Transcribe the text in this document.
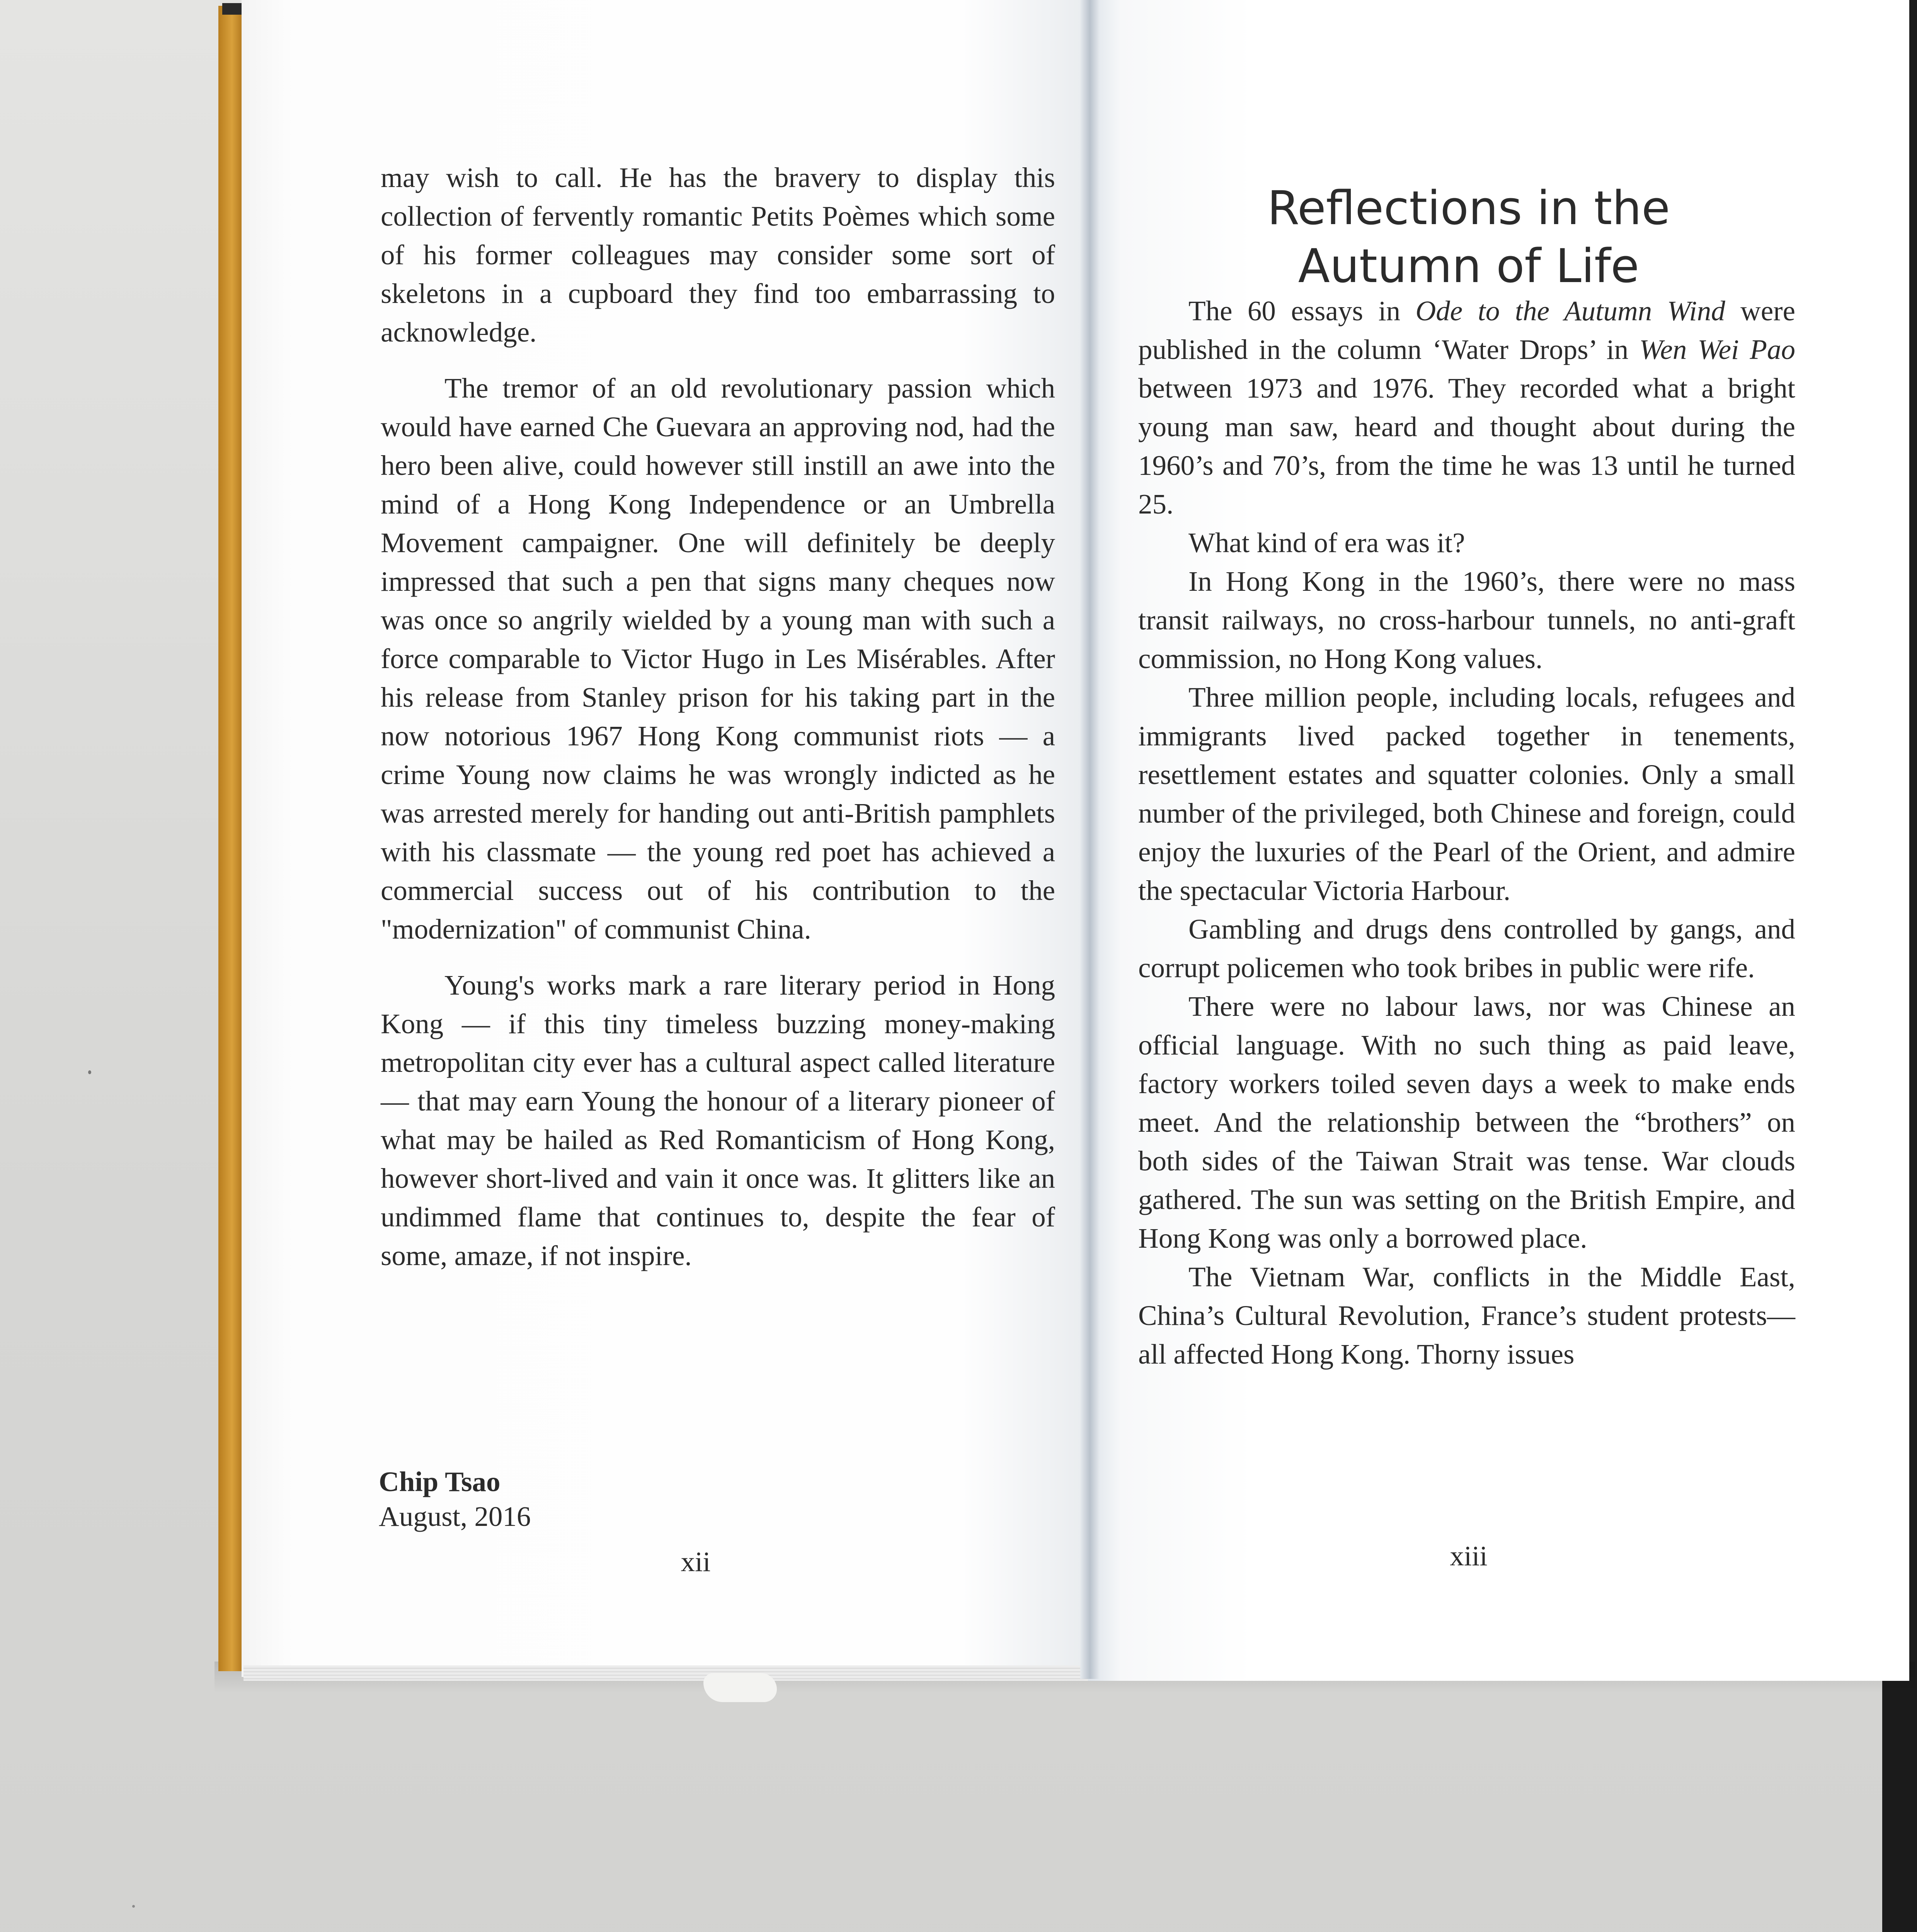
may wish to call. He has the bravery to display this collection of fervently romantic Petits Poèmes which some of his former colleagues may consider some sort of skeletons in a cupboard they find too embarrassing to acknowledge.

The tremor of an old revolutionary passion which would have earned Che Guevara an approving nod, had the hero been alive, could however still instill an awe into the mind of a Hong Kong Independence or an Umbrella Movement campaigner. One will definitely be deeply impressed that such a pen that signs many cheques now was once so angrily wielded by a young man with such a force comparable to Victor Hugo in Les Misérables. After his release from Stanley prison for his taking part in the now notorious 1967 Hong Kong communist riots — a crime Young now claims he was wrongly indicted as he was arrested merely for handing out anti-British pamphlets with his classmate — the young red poet has achieved a commercial success out of his contribution to the "modernization" of communist China.

Young's works mark a rare literary period in Hong Kong — if this tiny timeless buzzing money-making metropolitan city ever has a cultural aspect called literature — that may earn Young the honour of a literary pioneer of what may be hailed as Red Romanticism of Hong Kong, however short-lived and vain it once was. It glitters like an undimmed flame that continues to, despite the fear of some, amaze, if not inspire.

Chip Tsao
August, 2016
xii
Reflections in the
Autumn of Life

The 60 essays in Ode to the Autumn Wind were published in the column ‘Water Drops’ in Wen Wei Pao between 1973 and 1976. They recorded what a bright young man saw, heard and thought about during the 1960’s and 70’s, from the time he was 13 until he turned 25.

What kind of era was it?

In Hong Kong in the 1960’s, there were no mass transit railways, no cross-harbour tunnels, no anti-graft commission, no Hong Kong values.

Three million people, including locals, refugees and immigrants lived packed together in tenements, resettlement estates and squatter colonies. Only a small number of the privileged, both Chinese and foreign, could enjoy the luxuries of the Pearl of the Orient, and admire the spectacular Victoria Harbour.

Gambling and drugs dens controlled by gangs, and corrupt policemen who took bribes in public were rife.

There were no labour laws, nor was Chinese an official language. With no such thing as paid leave, factory workers toiled seven days a week to make ends meet. And the relationship between the “brothers” on both sides of the Taiwan Strait was tense. War clouds gathered. The sun was setting on the British Empire, and Hong Kong was only a borrowed place.

The Vietnam War, conflicts in the Middle East, China’s Cultural Revolution, France’s student protests—all affected Hong Kong. Thorny issues

xiii
